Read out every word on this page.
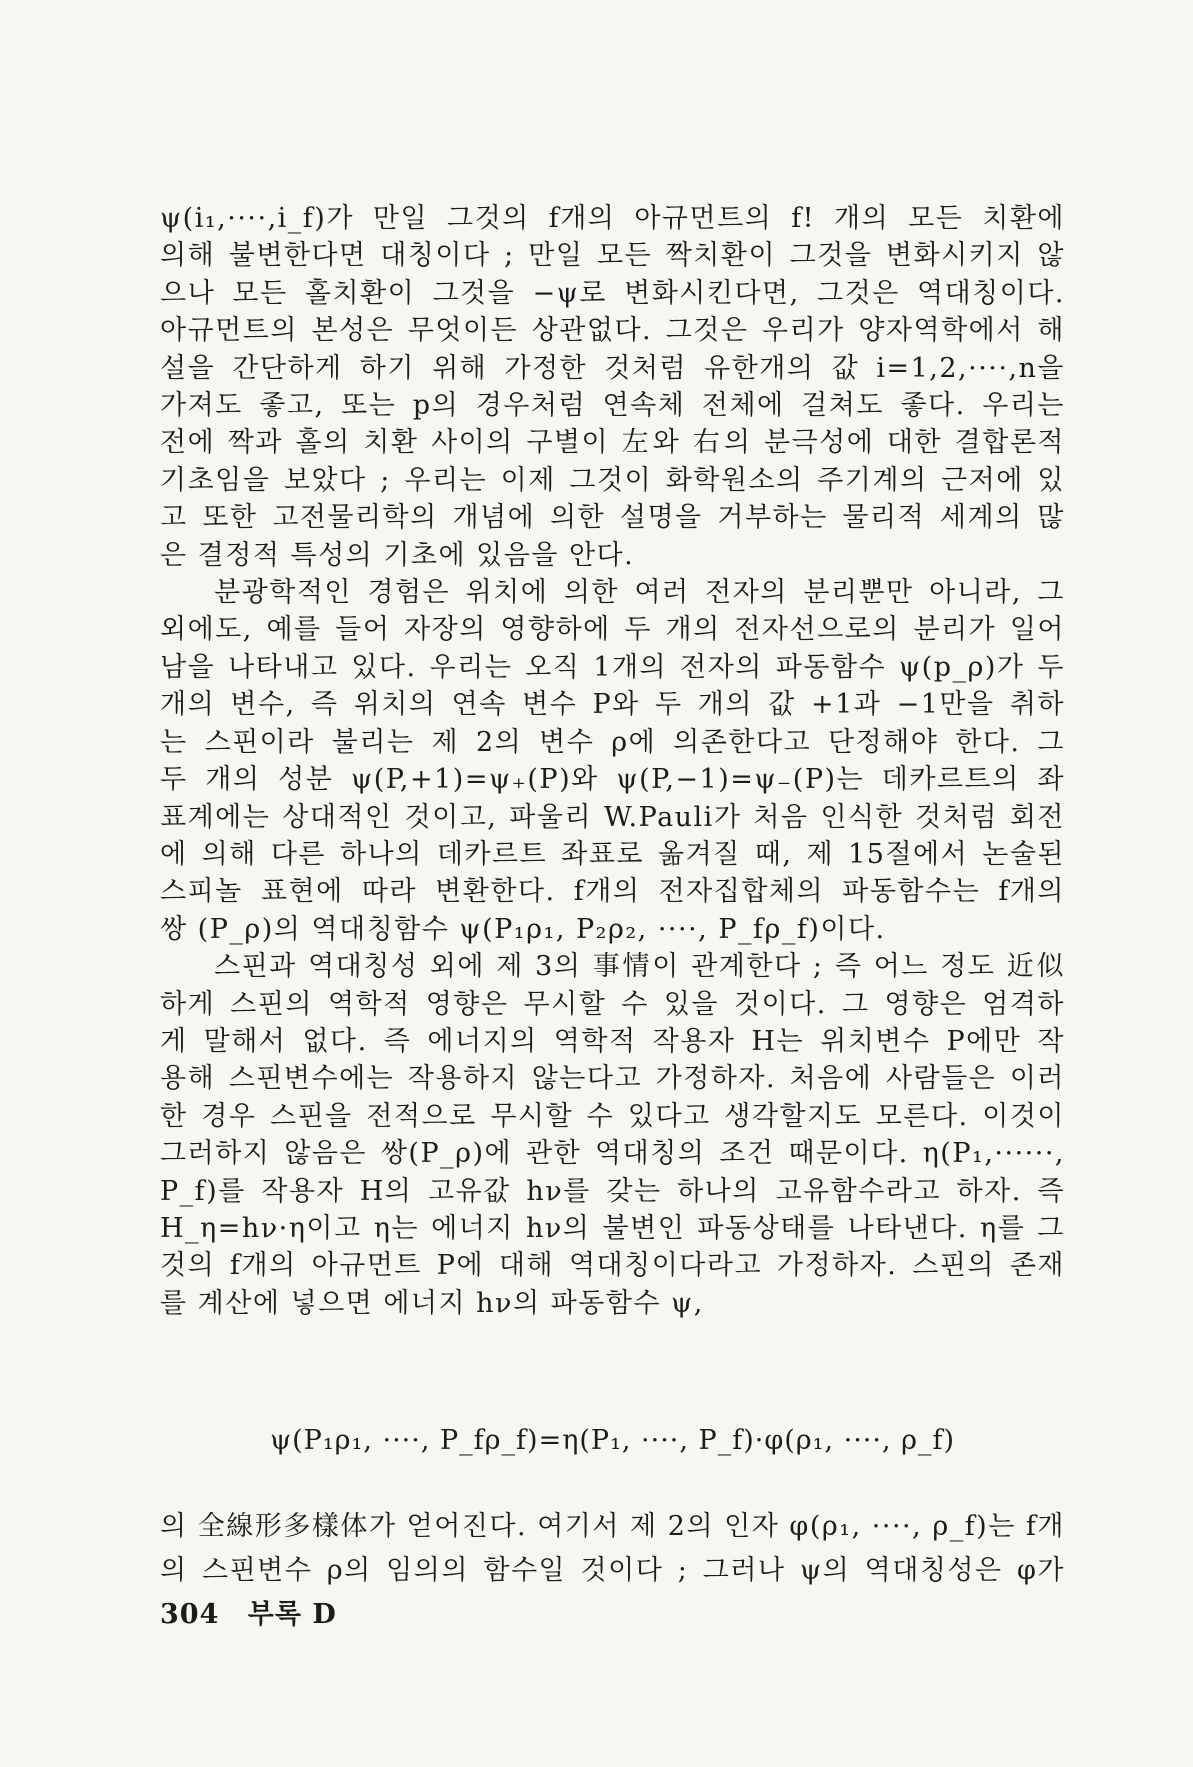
ψ(i₁,····,i_f)가 만일 그것의 f개의 아규먼트의 f! 개의 모든 치환에
의해 불변한다면 대칭이다 ; 만일 모든 짝치환이 그것을 변화시키지 않
으나 모든 홀치환이 그것을 −ψ로 변화시킨다면, 그것은 역대칭이다.
아규먼트의 본성은 무엇이든 상관없다. 그것은 우리가 양자역학에서 해
설을 간단하게 하기 위해 가정한 것처럼 유한개의 값 i=1,2,····,n을
가져도 좋고, 또는 p의 경우처럼 연속체 전체에 걸쳐도 좋다. 우리는
전에 짝과 홀의 치환 사이의 구별이 左와 右의 분극성에 대한 결합론적
기초임을 보았다 ; 우리는 이제 그것이 화학원소의 주기계의 근저에 있
고 또한 고전물리학의 개념에 의한 설명을 거부하는 물리적 세계의 많
은 결정적 특성의 기초에 있음을 안다.
분광학적인 경험은 위치에 의한 여러 전자의 분리뿐만 아니라, 그
외에도, 예를 들어 자장의 영향하에 두 개의 전자선으로의 분리가 일어
남을 나타내고 있다. 우리는 오직 1개의 전자의 파동함수 ψ(p_ρ)가 두
개의 변수, 즉 위치의 연속 변수 P와 두 개의 값 +1과 −1만을 취하
는 스핀이라 불리는 제 2의 변수 ρ에 의존한다고 단정해야 한다. 그
두 개의 성분 ψ(P,+1)=ψ₊(P)와 ψ(P,−1)=ψ₋(P)는 데카르트의 좌
표계에는 상대적인 것이고, 파울리 W.Pauli가 처음 인식한 것처럼 회전
에 의해 다른 하나의 데카르트 좌표로 옮겨질 때, 제 15절에서 논술된
스피놀 표현에 따라 변환한다. f개의 전자집합체의 파동함수는 f개의
쌍 (P_ρ)의 역대칭함수 ψ(P₁ρ₁, P₂ρ₂, ····, P_fρ_f)이다.
스핀과 역대칭성 외에 제 3의 事情이 관계한다 ; 즉 어느 정도 近似
하게 스핀의 역학적 영향은 무시할 수 있을 것이다. 그 영향은 엄격하
게 말해서 없다. 즉 에너지의 역학적 작용자 H는 위치변수 P에만 작
용해 스핀변수에는 작용하지 않는다고 가정하자. 처음에 사람들은 이러
한 경우 스핀을 전적으로 무시할 수 있다고 생각할지도 모른다. 이것이
그러하지 않음은 쌍(P_ρ)에 관한 역대칭의 조건 때문이다. η(P₁,······,
P_f)를 작용자 H의 고유값 hν를 갖는 하나의 고유함수라고 하자. 즉
H_η=hν·η이고 η는 에너지 hν의 불변인 파동상태를 나타낸다. η를 그
것의 f개의 아규먼트 P에 대해 역대칭이다라고 가정하자. 스핀의 존재
를 계산에 넣으면 에너지 hν의 파동함수 ψ,
ψ(P₁ρ₁, ····, P_fρ_f)=η(P₁, ····, P_f)·φ(ρ₁, ····, ρ_f)
의 全線形多樣体가 얻어진다. 여기서 제 2의 인자 φ(ρ₁, ····, ρ_f)는 f개
의 스핀변수 ρ의 임의의 함수일 것이다 ; 그러나 ψ의 역대칭성은 φ가
304 부록 D
